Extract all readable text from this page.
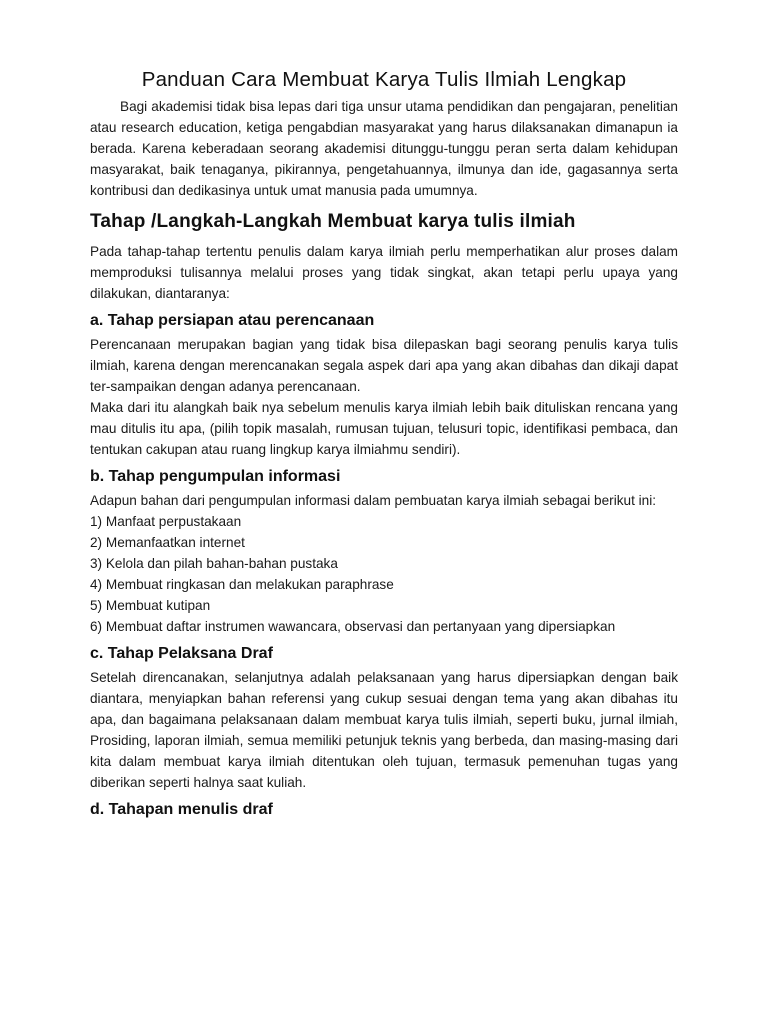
Panduan Cara Membuat Karya Tulis Ilmiah Lengkap

Bagi akademisi tidak bisa lepas dari tiga unsur utama pendidikan dan pengajaran, penelitian atau research education, ketiga pengabdian masyarakat yang harus dilaksanakan dimanapun ia berada. Karena keberadaan seorang akademisi ditunggu-tunggu peran serta dalam kehidupan masyarakat, baik tenaganya, pikirannya, pengetahuannya, ilmunya dan ide, gagasannya serta kontribusi dan dedikasinya untuk umat manusia pada umumnya.

Tahap /Langkah-Langkah Membuat karya tulis ilmiah

Pada tahap-tahap tertentu penulis dalam karya ilmiah perlu memperhatikan alur proses dalam memproduksi tulisannya melalui proses yang tidak singkat, akan tetapi perlu upaya yang dilakukan, diantaranya:

a. Tahap persiapan atau perencanaan

Perencanaan merupakan bagian yang tidak bisa dilepaskan bagi seorang penulis karya tulis ilmiah, karena dengan merencanakan segala aspek dari apa yang akan dibahas dan dikaji dapat ter-sampaikan dengan adanya perencanaan.

Maka dari itu alangkah baik nya sebelum menulis karya ilmiah lebih baik dituliskan rencana yang mau ditulis itu apa, (pilih topik masalah, rumusan tujuan, telusuri topic, identifikasi pembaca, dan tentukan cakupan atau ruang lingkup karya ilmiahmu sendiri).

b. Tahap pengumpulan informasi

Adapun bahan dari pengumpulan informasi dalam pembuatan karya ilmiah sebagai berikut ini:

1) Manfaat perpustakaan
2) Memanfaatkan internet
3) Kelola dan pilah bahan-bahan pustaka
4) Membuat ringkasan dan melakukan paraphrase
5) Membuat kutipan
6) Membuat daftar instrumen wawancara, observasi dan pertanyaan yang dipersiapkan
c. Tahap Pelaksana Draf

Setelah direncanakan, selanjutnya adalah pelaksanaan yang harus dipersiapkan dengan baik diantara, menyiapkan bahan referensi yang cukup sesuai dengan tema yang akan dibahas itu apa, dan bagaimana pelaksanaan dalam membuat karya tulis ilmiah, seperti buku, jurnal ilmiah, Prosiding, laporan ilmiah, semua memiliki petunjuk teknis yang berbeda, dan masing-masing dari kita dalam membuat karya ilmiah ditentukan oleh tujuan, termasuk pemenuhan tugas yang diberikan seperti halnya saat kuliah.

d. Tahapan menulis draf
